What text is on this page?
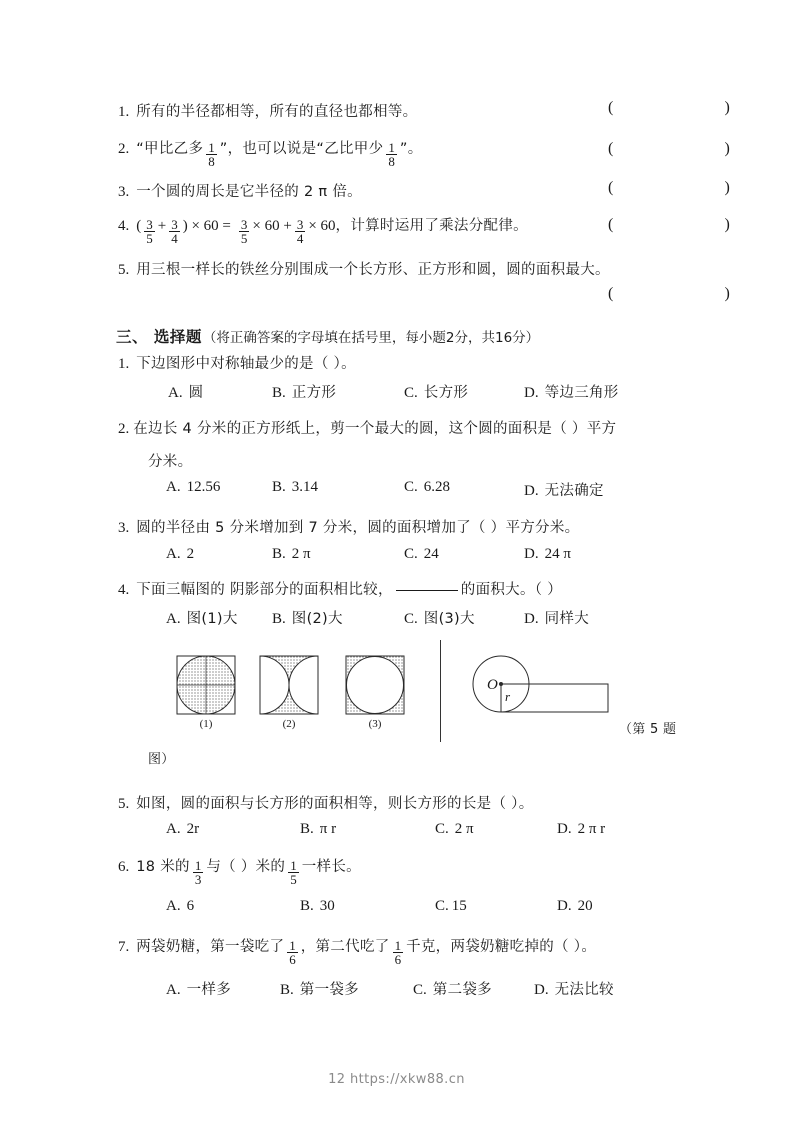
1. 所有的半径都相等，所有的直径也都相等。	( )
2. “甲比乙多 $\frac{1}{8}$ ”，也可以说是“乙比甲少 $\frac{1}{8}$ ”。	( )
3. 一个圆的周长是它半径的 2 π 倍。	( )
4. ( $\frac{3}{5} + \frac{3}{4}$ ) × $60 = \frac{3}{5} \times 60 + \frac{3}{4} \times 60$ ，计算时运用了乘法分配律。	( )
5. 用三根一样长的铁丝分别围成一个长方形、正方形和圆，圆的面积最大。
( )
三、 选择题 （将正确答案的字母填在括号里，每小题2分，共16分）
1. 下边图形中对称轴最少的是（ ）。
A. 圆	B. 正方形	C. 长方形	D. 等边三角形
2. 在边长 4 分米的正方形纸上，剪一个最大的圆，这个圆的面积是（ ）平方
分米。
A. 12.56	B. 3.14	C. 6.28	D. 无法确定
3. 圆的半径由 5 分米增加到 7 分米，圆的面积增加了（ ）平方分米。
A. 2	B. 2 π	C. 24	D. 24 π
4. 下面三幅图的 阴影部分的面积相比较，	的面积大。（ ）
A. 图(1)大 B. 图(2)大	C. 图(3)大	D. 同样大
(1)	(2)	(3)
O
r
（第 5 题
图）
5. 如图，圆的面积与长方形的面积相等，则长方形的长是（ ）。
A. 2r	B. π r	C. 2 π	D. 2 π r
6. 18 米的 $\frac{1}{3}$ 与（ ）米的 $\frac{1}{5}$ 一样长。
A. 6	B. 30	C. 15	D. 20
7. 两袋奶糖，第一袋吃了 $\frac{1}{6}$ ，第二代吃了 $\frac{1}{6}$ 千克，两袋奶糖吃掉的（ ）。
A. 一样多	B. 第一袋多	C. 第二袋多	D. 无法比较
12 https://xkw88.cn
